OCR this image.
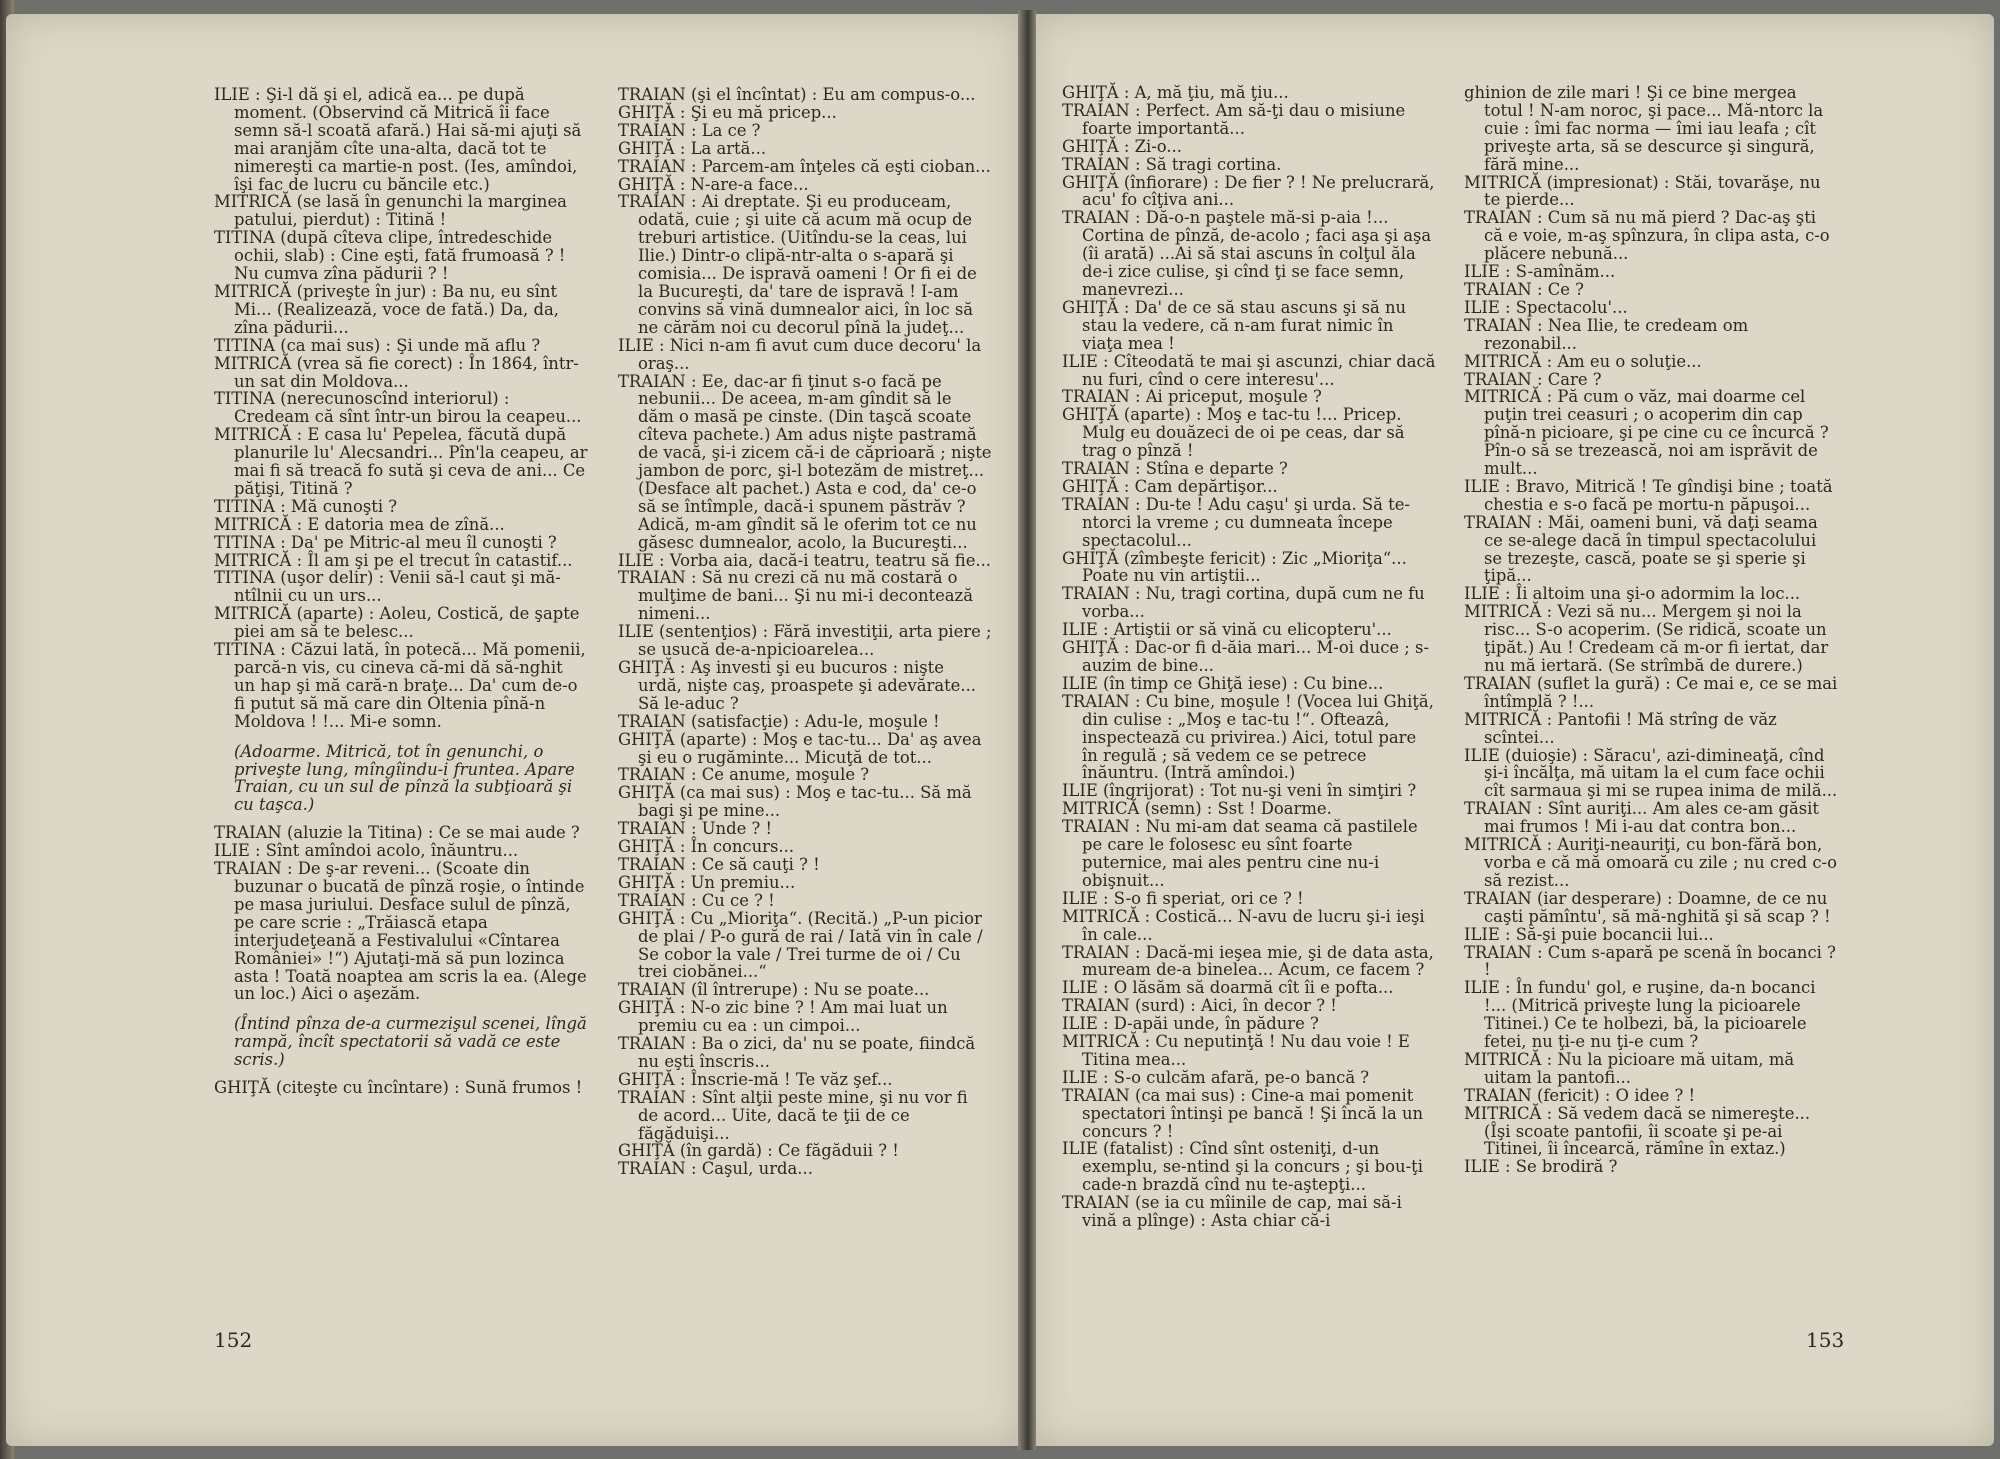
ILIE : Şi-l dă şi el, adică ea... pe după moment. (Observind că Mitrică îi face semn să-l scoată afară.) Hai să-mi ajuţi să mai aranjăm cîte una-alta, dacă tot te nimereşti ca martie-n post. (Ies, amîndoi, îşi fac de lucru cu băncile etc.)

MITRICĂ (se lasă în genunchi la marginea patului, pierdut) : Titină !

TITINA (după cîteva clipe, întredeschide ochii, slab) : Cine eşti, fată frumoasă ? ! Nu cumva zîna pădurii ? !

MITRICĂ (priveşte în jur) : Ba nu, eu sînt Mi... (Realizează, voce de fată.) Da, da, zîna pădurii...

TITINA (ca mai sus) : Şi unde mă aflu ?

MITRICĂ (vrea să fie corect) : În 1864, într-un sat din Moldova...

TITINA (nerecunoscînd interiorul) : Credeam că sînt într-un birou la ceapeu...

MITRICĂ : E casa lu' Pepelea, făcută după planurile lu' Alecsandri... Pîn'la ceapeu, ar mai fi să treacă fo sută şi ceva de ani... Ce păţişi, Titină ?

TITINA : Mă cunoşti ?

MITRICĂ : E datoria mea de zînă...

TITINA : Da' pe Mitric-al meu îl cunoşti ?

MITRICĂ : Îl am şi pe el trecut în catastif...

TITINA (uşor delir) : Venii să-l caut şi mă-ntîlnii cu un urs...

MITRICĂ (aparte) : Aoleu, Costică, de şapte piei am să te belesc...

TITINA : Căzui lată, în potecă... Mă pomenii, parcă-n vis, cu cineva că-mi dă să-nghit un hap şi mă cară-n braţe... Da' cum de-o fi putut să mă care din Oltenia pînă-n Moldova ! !... Mi-e somn.

(Adoarme. Mitrică, tot în genunchi, o priveşte lung, mîngîindu-i fruntea. Apare Traian, cu un sul de pînză la subţioară şi cu taşca.)

TRAIAN (aluzie la Titina) : Ce se mai aude ?

ILIE : Sînt amîndoi acolo, înăuntru...

TRAIAN : De ş-ar reveni... (Scoate din buzunar o bucată de pînză roşie, o întinde pe masa juriului. Desface sulul de pînză, pe care scrie : „Trăiască etapa interjudeţeană a Festivalului «Cîntarea României» !“) Ajutaţi-mă să pun lozinca asta ! Toată noaptea am scris la ea. (Alege un loc.) Aici o aşezăm.

(Întind pînza de-a curmezişul scenei, lîngă rampă, încît spectatorii să vadă ce este scris.)

GHIŢĂ (citeşte cu încîntare) : Sună frumos !

TRAIAN (şi el încîntat) : Eu am compus-o...

GHIŢĂ : Şi eu mă pricep...

TRAIAN : La ce ?

GHIŢĂ : La artă...

TRAIAN : Parcem-am înţeles că eşti cioban...

GHIŢĂ : N-are-a face...

TRAIAN : Ai dreptate. Şi eu produceam, odată, cuie ; şi uite că acum mă ocup de treburi artistice. (Uitîndu-se la ceas, lui Ilie.) Dintr-o clipă-ntr-alta o s-apară şi comisia... De ispravă oameni ! Or fi ei de la Bucureşti, da' tare de ispravă ! I-am convins să vină dumnealor aici, în loc să ne cărăm noi cu decorul pînă la judeţ...

ILIE : Nici n-am fi avut cum duce decoru' la oraş...

TRAIAN : Ee, dac-ar fi ţinut s-o facă pe nebunii... De aceea, m-am gîndit să le dăm o masă pe cinste. (Din taşcă scoate cîteva pachete.) Am adus nişte pastramă de vacă, şi-i zicem că-i de căprioară ; nişte jambon de porc, şi-l botezăm de mistreţ... (Desface alt pachet.) Asta e cod, da' ce-o să se întîmple, dacă-i spunem păstrăv ? Adică, m-am gîndit să le oferim tot ce nu găsesc dumnealor, acolo, la Bucureşti...

ILIE : Vorba aia, dacă-i teatru, teatru să fie...

TRAIAN : Să nu crezi că nu mă costară o mulţime de bani... Şi nu mi-i decontează nimeni...

ILIE (sentenţios) : Fără investiţii, arta piere ; se usucă de-a-npicioarelea...

GHIŢĂ : Aş investi şi eu bucuros : nişte urdă, nişte caş, proaspete şi adevărate... Să le-aduc ?

TRAIAN (satisfacţie) : Adu-le, moşule !

GHIŢĂ (aparte) : Moş e tac-tu... Da' aş avea şi eu o rugăminte... Micuţă de tot...

TRAIAN : Ce anume, moşule ?

GHIŢĂ (ca mai sus) : Moş e tac-tu... Să mă bagi şi pe mine...

TRAIAN : Unde ? !

GHIŢĂ : În concurs...

TRAIAN : Ce să cauţi ? !

GHIŢĂ : Un premiu...

TRAIAN : Cu ce ? !

GHIŢĂ : Cu „Mioriţa“. (Recită.) „P-un picior de plai / P-o gură de rai / Iată vin în cale / Se cobor la vale / Trei turme de oi / Cu trei ciobănei...“

TRAIAN (îl întrerupe) : Nu se poate...

GHIŢĂ : N-o zic bine ? ! Am mai luat un premiu cu ea : un cimpoi...

TRAIAN : Ba o zici, da' nu se poate, fiindcă nu eşti înscris...

GHIŢĂ : Înscrie-mă ! Te văz şef...

TRAIAN : Sînt alţii peste mine, şi nu vor fi de acord... Uite, dacă te ţii de ce făgăduişi...

GHIŢĂ (în gardă) : Ce făgăduii ? !

TRAIAN : Caşul, urda...

GHIŢĂ : A, mă ţiu, mă ţiu...

TRAIAN : Perfect. Am să-ţi dau o misiune foarte importantă...

GHIŢĂ : Zi-o...

TRAIAN : Să tragi cortina.

GHIŢĂ (înfiorare) : De fier ? ! Ne prelucrară, acu' fo cîţiva ani...

TRAIAN : Dă-o-n paştele mă-si p-aia !... Cortina de pînză, de-acolo ; faci aşa şi aşa (îi arată) ...Ai să stai ascuns în colţul ăla de-i zice culise, şi cînd ţi se face semn, manevrezi...

GHIŢĂ : Da' de ce să stau ascuns şi să nu stau la vedere, că n-am furat nimic în viaţa mea !

ILIE : Cîteodată te mai şi ascunzi, chiar dacă nu furi, cînd o cere interesu'...

TRAIAN : Ai priceput, moşule ?

GHIŢĂ (aparte) : Moş e tac-tu !... Pricep. Mulg eu douăzeci de oi pe ceas, dar să trag o pînză !

TRAIAN : Stîna e departe ?

GHIŢĂ : Cam depărtişor...

TRAIAN : Du-te ! Adu caşu' şi urda. Să te-ntorci la vreme ; cu dumneata începe spectacolul...

GHIŢĂ (zîmbeşte fericit) : Zic „Mioriţa“... Poate nu vin artiştii...

TRAIAN : Nu, tragi cortina, după cum ne fu vorba...

ILIE : Artiştii or să vină cu elicopteru'...

GHIŢĂ : Dac-or fi d-ăia mari... M-oi duce ; s-auzim de bine...

ILIE (în timp ce Ghiţă iese) : Cu bine...

TRAIAN : Cu bine, moşule ! (Vocea lui Ghiţă, din culise : „Moş e tac-tu !“. Ofteazâ, inspectează cu privirea.) Aici, totul pare în regulă ; să vedem ce se petrece înăuntru. (Intră amîndoi.)

ILIE (îngrijorat) : Tot nu-şi veni în simţiri ?

MITRICĂ (semn) : Sst ! Doarme.

TRAIAN : Nu mi-am dat seama că pastilele pe care le folosesc eu sînt foarte puternice, mai ales pentru cine nu-i obişnuit...

ILIE : S-o fi speriat, ori ce ? !

MITRICĂ : Costică... N-avu de lucru şi-i ieşi în cale...

TRAIAN : Dacă-mi ieşea mie, şi de data asta, muream de-a binelea... Acum, ce facem ?

ILIE : O lăsăm să doarmă cît îi e pofta...

TRAIAN (surd) : Aici, în decor ? !

ILIE : D-apăi unde, în pădure ?

MITRICĂ : Cu neputinţă ! Nu dau voie ! E Titina mea...

ILIE : S-o culcăm afară, pe-o bancă ?

TRAIAN (ca mai sus) : Cine-a mai pomenit spectatori întinşi pe bancă ! Şi încă la un concurs ? !

ILIE (fatalist) : Cînd sînt osteniţi, d-un exemplu, se-ntind şi la concurs ; şi bou-ţi cade-n brazdă cînd nu te-aştepţi...

TRAIAN (se ia cu mîinile de cap, mai să-i vină a plînge) : Asta chiar că-i

ghinion de zile mari ! Şi ce bine mergea totul ! N-am noroc, şi pace... Mă-ntorc la cuie : îmi fac norma — îmi iau leafa ; cît priveşte arta, să se descurce şi singură, fără mine...

MITRICĂ (impresionat) : Stăi, tovarăşe, nu te pierde...

TRAIAN : Cum să nu mă pierd ? Dac-aş şti că e voie, m-aş spînzura, în clipa asta, c-o plăcere nebună...

ILIE : S-amînăm...

TRAIAN : Ce ?

ILIE : Spectacolu'...

TRAIAN : Nea Ilie, te credeam om rezonabil...

MITRICĂ : Am eu o soluţie...

TRAIAN : Care ?

MITRICĂ : Pă cum o văz, mai doarme cel puţin trei ceasuri ; o acoperim din cap pînă-n picioare, şi pe cine cu ce încurcă ? Pîn-o să se trezească, noi am isprăvit de mult...

ILIE : Bravo, Mitrică ! Te gîndişi bine ; toată chestia e s-o facă pe mortu-n păpuşoi...

TRAIAN : Măi, oameni buni, vă daţi seama ce se-alege dacă în timpul spectacolului se trezeşte, cască, poate se şi sperie şi ţipă...

ILIE : Îi altoim una şi-o adormim la loc...

MITRICĂ : Vezi să nu... Mergem şi noi la risc... S-o acoperim. (Se ridică, scoate un ţipăt.) Au ! Credeam că m-or fi iertat, dar nu mă iertară. (Se strîmbă de durere.)

TRAIAN (suflet la gură) : Ce mai e, ce se mai întîmplă ? !...

MITRICĂ : Pantofii ! Mă strîng de văz scîntei...

ILIE (duioşie) : Săracu', azi-dimineaţă, cînd şi-i încălţa, mă uitam la el cum face ochii cît sarmaua şi mi se rupea inima de milă...

TRAIAN : Sînt auriţi... Am ales ce-am găsit mai frumos ! Mi i-au dat contra bon...

MITRICĂ : Auriţi-neauriţi, cu bon-fără bon, vorba e că mă omoară cu zile ; nu cred c-o să rezist...

TRAIAN (iar desperare) : Doamne, de ce nu caşti pămîntu', să mă-nghită şi să scap ? !

ILIE : Să-şi puie bocancii lui...

TRAIAN : Cum s-apară pe scenă în bocanci ? !

ILIE : În fundu' gol, e ruşine, da-n bocanci !... (Mitrică priveşte lung la picioarele Titinei.) Ce te holbezi, bă, la picioarele fetei, nu ţi-e nu ţi-e cum ?

MITRICĂ : Nu la picioare mă uitam, mă uitam la pantofi...

TRAIAN (fericit) : O idee ? !

MITRICĂ : Să vedem dacă se nimereşte... (Îşi scoate pantofii, îi scoate şi pe-ai Titinei, îi încearcă, rămîne în extaz.)

ILIE : Se brodiră ?

152	153
